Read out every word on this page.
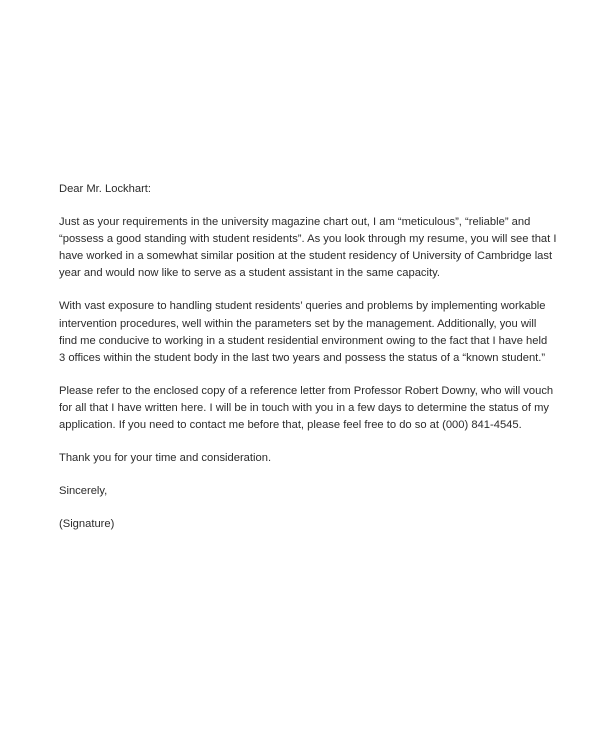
Dear Mr. Lockhart:
Just as your requirements in the university magazine chart out, I am “meticulous”, “reliable” and
“possess a good standing with student residents”. As you look through my resume, you will see that I
have worked in a somewhat similar position at the student residency of University of Cambridge last
year and would now like to serve as a student assistant in the same capacity.
With vast exposure to handling student residents’ queries and problems by implementing workable
intervention procedures, well within the parameters set by the management. Additionally, you will
find me conducive to working in a student residential environment owing to the fact that I have held
3 offices within the student body in the last two years and possess the status of a “known student.”
Please refer to the enclosed copy of a reference letter from Professor Robert Downy, who will vouch
for all that I have written here. I will be in touch with you in a few days to determine the status of my
application. If you need to contact me before that, please feel free to do so at (000) 841-4545.
Thank you for your time and consideration.
Sincerely,
(Signature)
